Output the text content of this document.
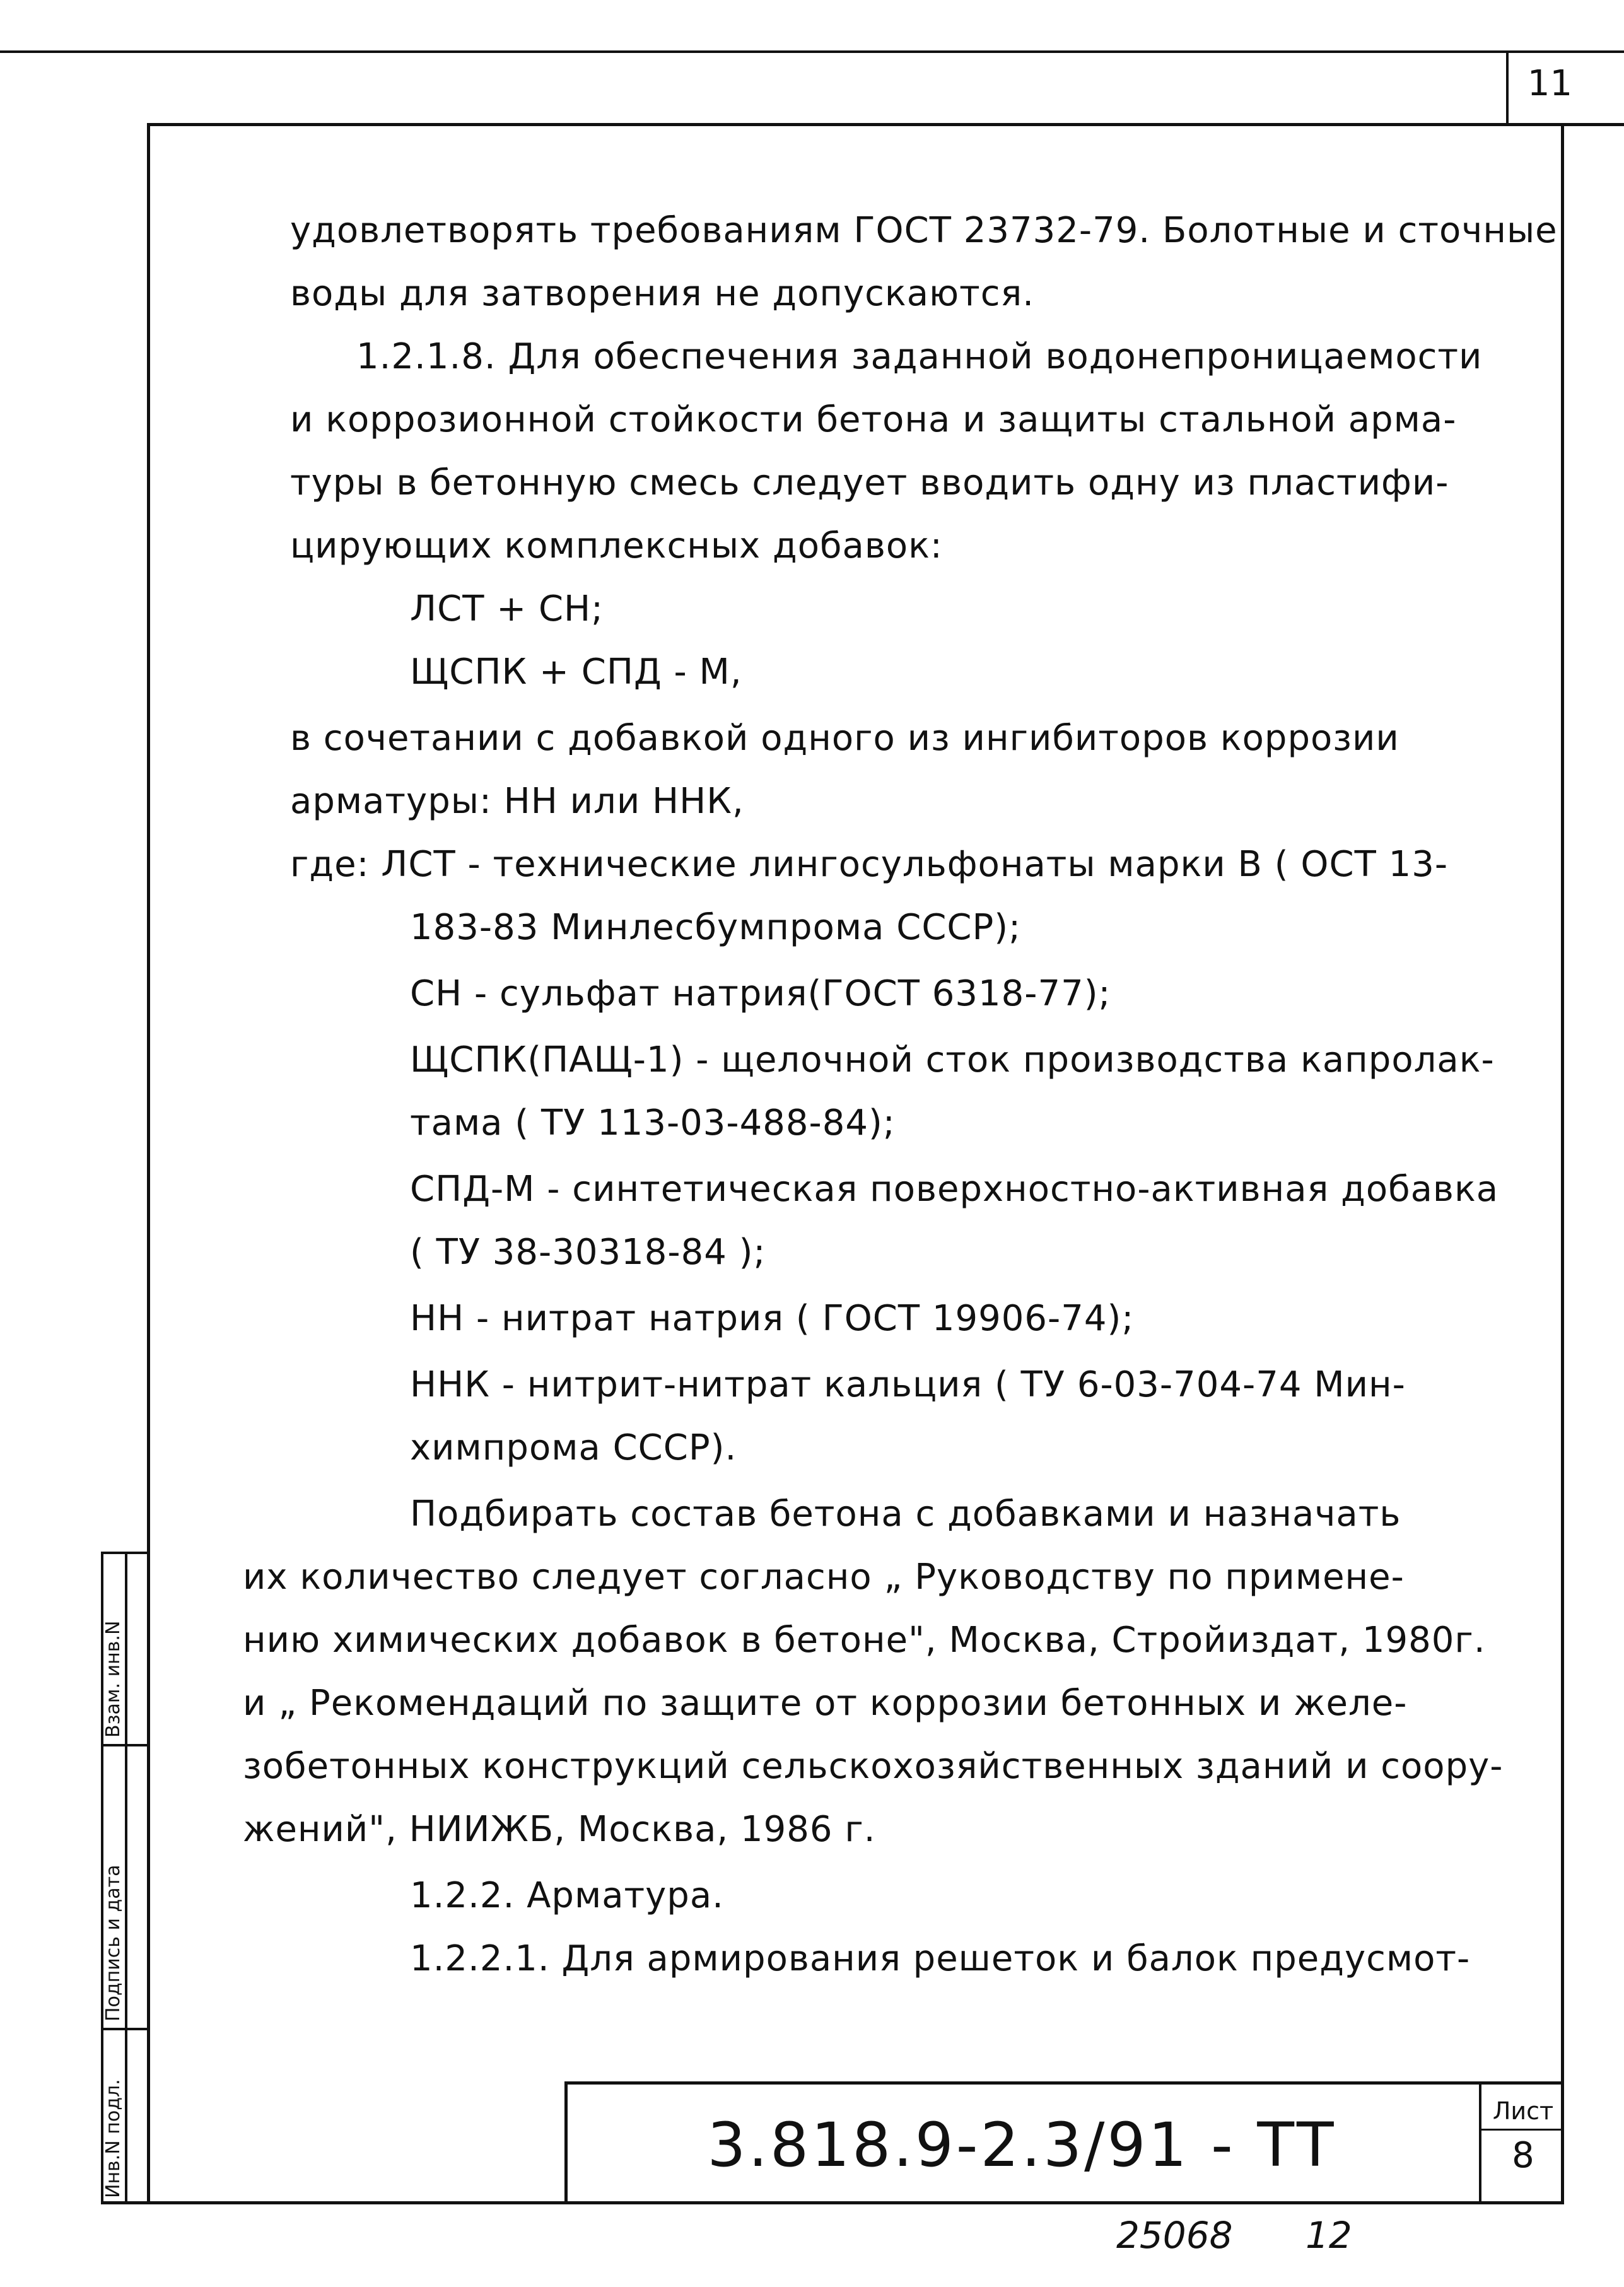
11
Взам. инв.N
Подпись и дата
Инв.N подл.
удовлетворять требованиям ГОСТ 23732-79. Болотные и сточные
воды для затворения не допускаются.
1.2.1.8. Для обеспечения заданной водонепроницаемости
и коррозионной стойкости бетона и защиты стальной арма-
туры в бетонную смесь следует вводить одну из пластифи-
цирующих комплексных добавок:
ЛСТ + СН;
ЩСПК + СПД - М,
в сочетании с добавкой одного из ингибиторов коррозии
арматуры: НН или ННК,
где: ЛСТ - технические лингосульфонаты марки В ( ОСТ 13-
183-83 Минлесбумпрома СССР);
СН - сульфат натрия(ГОСТ 6318-77);
ЩСПК(ПАЩ-1) - щелочной сток производства капролак-
тама ( ТУ 113-03-488-84);
СПД-М - синтетическая поверхностно-активная добавка
( ТУ 38-30318-84 );
НН - нитрат натрия ( ГОСТ 19906-74);
ННК - нитрит-нитрат кальция ( ТУ 6-03-704-74 Мин-
химпрома СССР).
Подбирать состав бетона с добавками и назначать
их количество следует согласно „ Руководству по примене-
нию химических добавок в бетоне", Москва, Стройиздат, 1980г.
и „ Рекомендаций по защите от коррозии бетонных и желе-
зобетонных конструкций сельскохозяйственных зданий и соору-
жений", НИИЖБ, Москва, 1986 г.
1.2.2. Арматура.
1.2.2.1. Для армирования решеток и балок предусмот-
3.818.9-2.3/91 - ТТ	Лист
8
25068 12
